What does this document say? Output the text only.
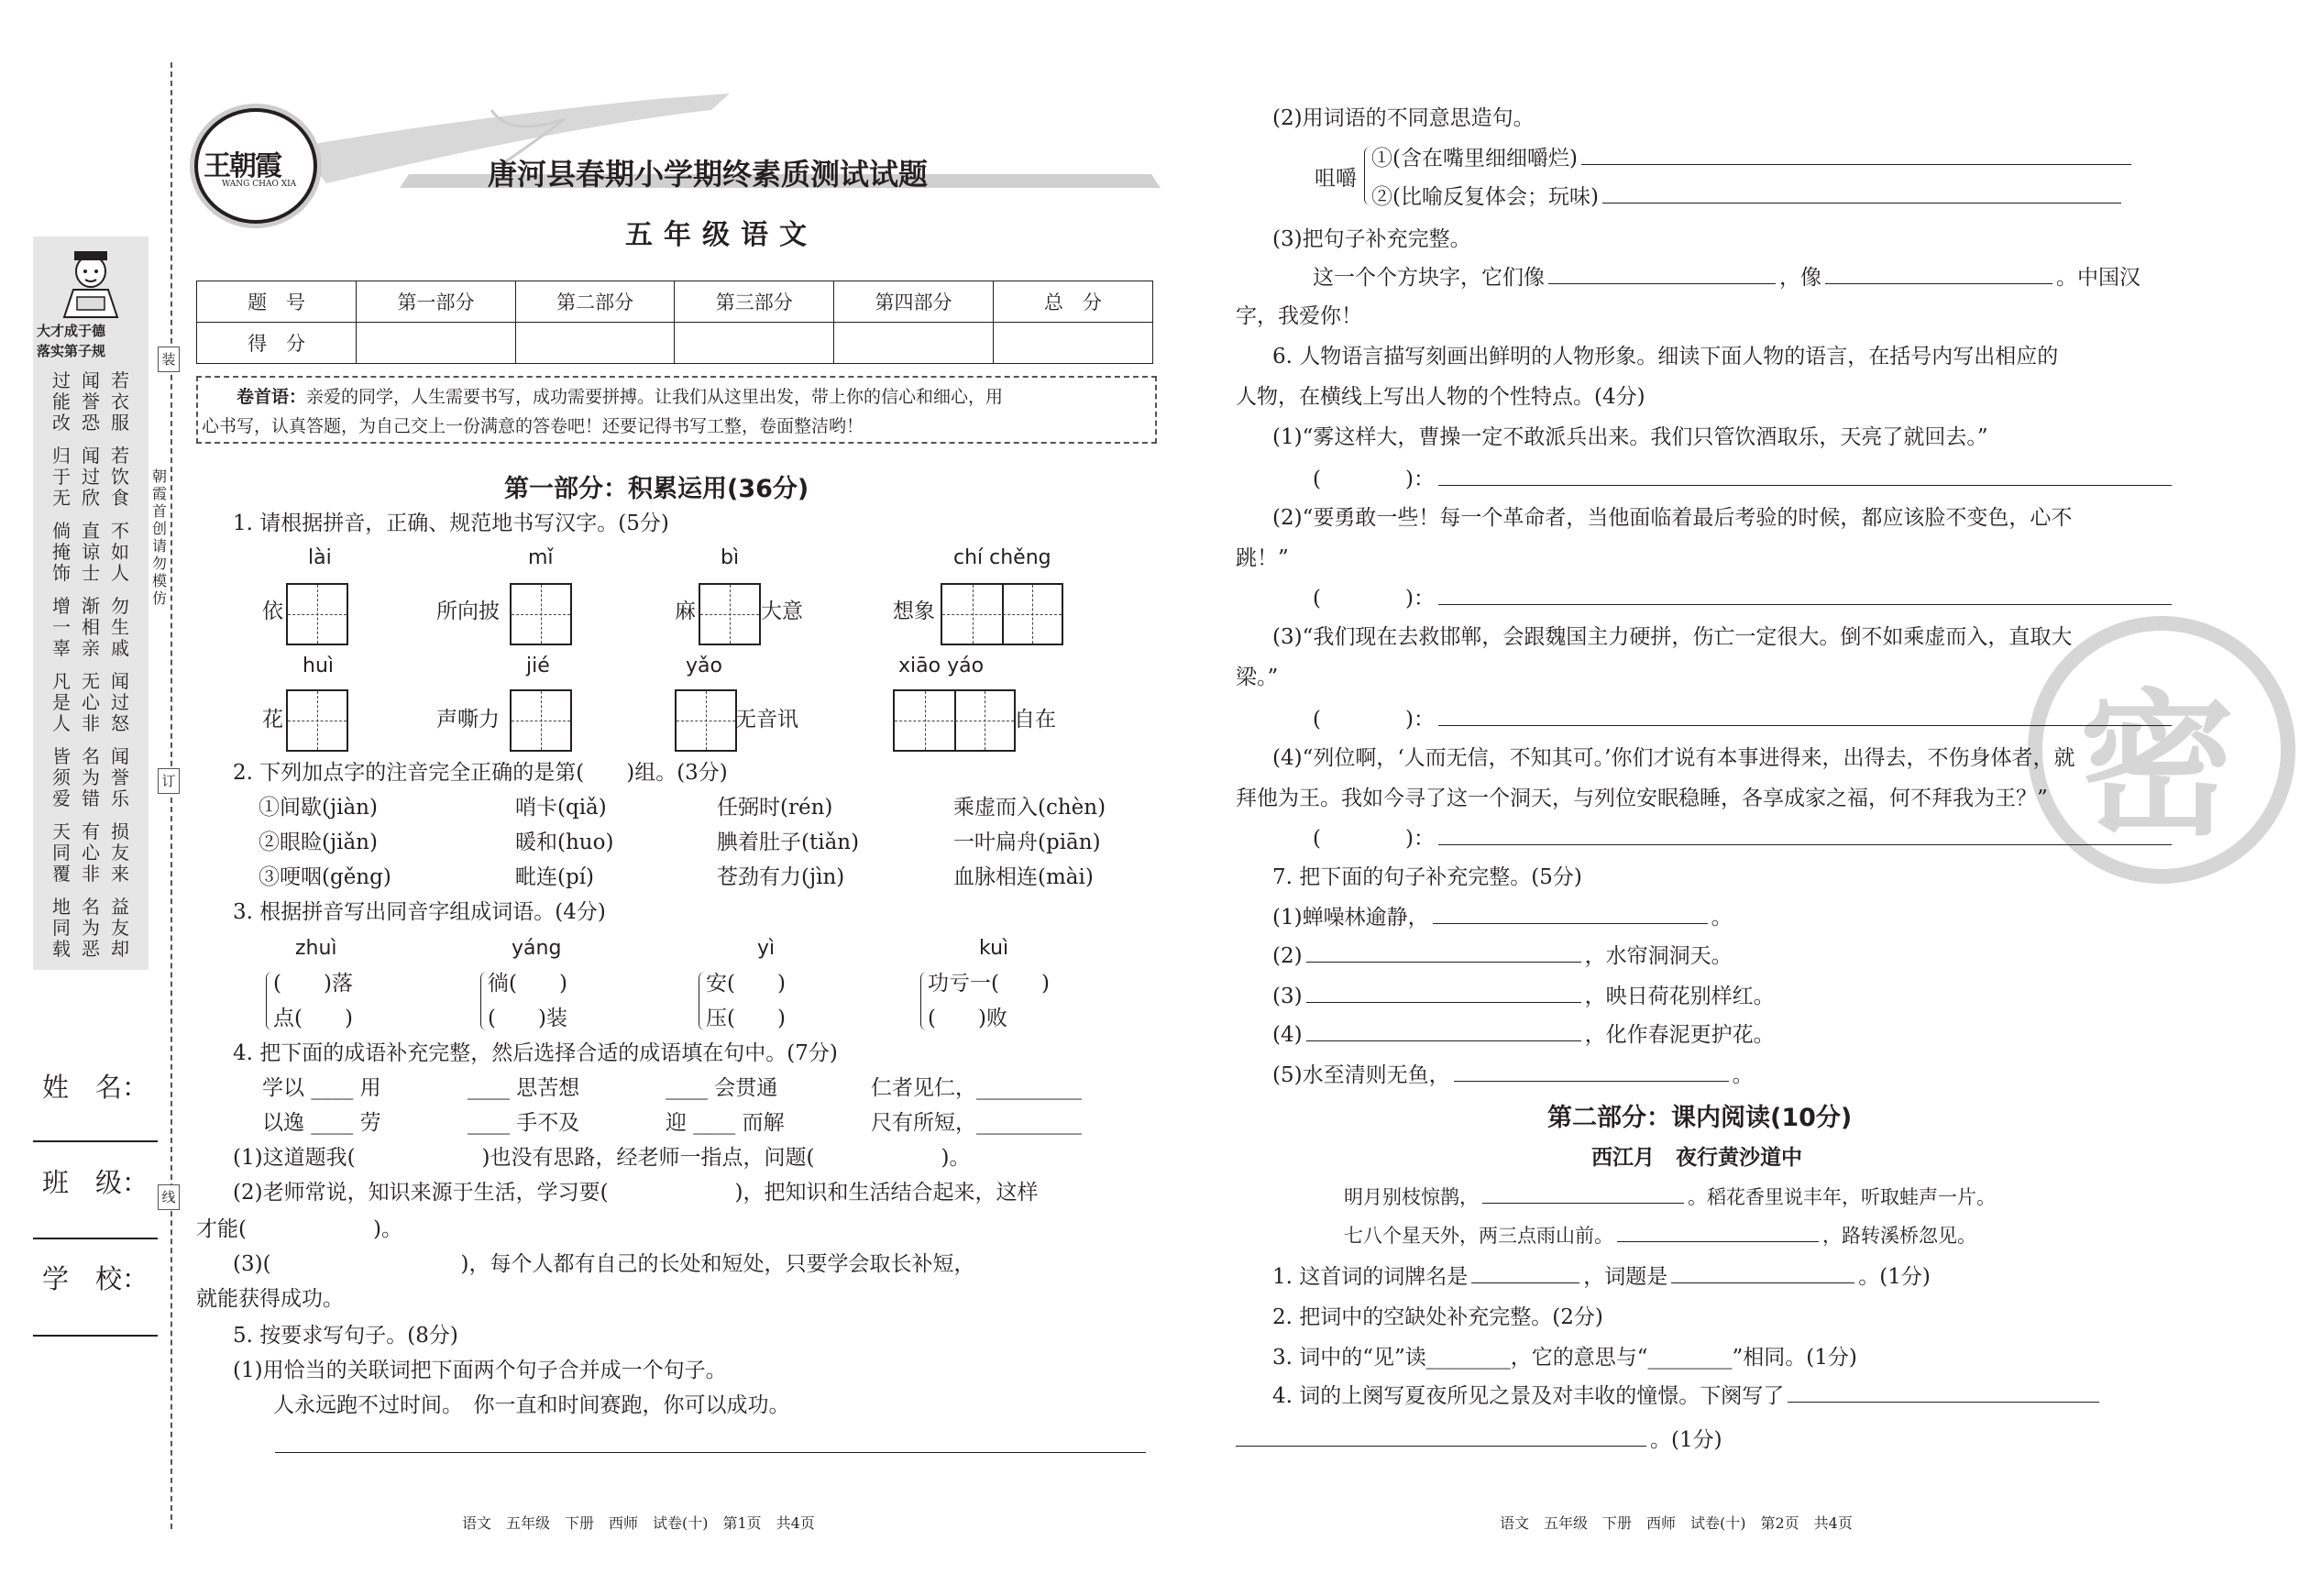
装
订
线
朝霞首创　请勿模仿
大才成于德
落实第子规
过能改
闻誉恐
若衣服
归于无
闻过欣
若饮食
倘掩饰
直谅士
不如人
增一辜
渐相亲
勿生戚
凡是人
无心非
闻过怒
皆须爱
名为错
闻誉乐
天同覆
有心非
损友来
地同载
名为恶
益友却
姓　名：
班　级：
学　校：
王朝霞
WANG CHAO XIA	唐河县春期小学期终素质测试试题
五年级语文
题　号	第一部分	第二部分	第三部分	第四部分	总　分
得　分					
卷首语：亲爱的同学，人生需要书写，成功需要拼搏。让我们从这里出发，带上你的信心和细心，用
心书写，认真答题，为自己交上一份满意的答卷吧！还要记得书写工整，卷面整洁哟！
第一部分：积累运用(36分)
1. 请根据拼音，正确、规范地书写汉字。(5分)
lài	mǐ	bì	chí chěng
依	所向披	麻	大意	想象
huì	jié	yǎo	xiāo yáo
花	声嘶力	无音讯	自在
2. 下列加点字的注音完全正确的是第(　　)组。(3分)
①间歇(jiàn)	哨卡(qiǎ)	任弼时(rén)	乘虚而入(chèn)
②眼睑(jiǎn)	暖和(huo)	腆着肚子(tiǎn)	一叶扁舟(piān)
③哽咽(gěng)	毗连(pí)	苍劲有力(jìn)	血脉相连(mài)
3. 根据拼音写出同音字组成词语。(4分)
zhuì	yáng	yì	kuì
(　　)落	徜(　　)	安(　　)	功亏一(　　)
点(　　)	(　　)装	压(　　)	(　　)败
4. 把下面的成语补充完整，然后选择合适的成语填在句中。(7分)
学以 ____ 用	____ 思苦想	____ 会贯通	仁者见仁，__________
以逸 ____ 劳	____ 手不及	迎 ____ 而解	尺有所短，__________
(1)这道题我(　　　　　　)也没有思路，经老师一指点，问题(　　　　　　)。
(2)老师常说，知识来源于生活，学习要(　　　　　　)，把知识和生活结合起来，这样
才能(　　　　　　)。
(3)(　　　　　　　　　)，每个人都有自己的长处和短处，只要学会取长补短，
就能获得成功。
5. 按要求写句子。(8分)
(1)用恰当的关联词把下面两个句子合并成一个句子。
人永远跑不过时间。　你一直和时间赛跑，你可以成功。
语文　五年级　下册　西师　试卷(十)　第1页　共4页
密
(2)用词语的不同意思造句。
咀嚼
①(含在嘴里细细嚼烂)
②(比喻反复体会；玩味)
(3)把句子补充完整。
这一个个方块字，它们像	，像	。中国汉
字，我爱你！
6. 人物语言描写刻画出鲜明的人物形象。细读下面人物的语言，在括号内写出相应的
人物，在横线上写出人物的个性特点。(4分)
(1)“雾这样大，曹操一定不敢派兵出来。我们只管饮酒取乐，天亮了就回去。”
(　　　　)：
(2)“要勇敢一些！每一个革命者，当他面临着最后考验的时候，都应该脸不变色，心不
跳！”
(　　　　)：
(3)“我们现在去救邯郸，会跟魏国主力硬拼，伤亡一定很大。倒不如乘虚而入，直取大
梁。”
(　　　　)：
(4)“列位啊，‘人而无信，不知其可。’你们才说有本事进得来，出得去，不伤身体者，就
拜他为王。我如今寻了这一个洞天，与列位安眠稳睡，各享成家之福，何不拜我为王？”
(　　　　)：
7. 把下面的句子补充完整。(5分)
(1)蝉噪林逾静，	。
(2)	，水帘洞洞天。
(3)	，映日荷花别样红。
(4)	，化作春泥更护花。
(5)水至清则无鱼，	。
第二部分：课内阅读(10分)
西江月　夜行黄沙道中
明月别枝惊鹊，	。稻花香里说丰年，听取蛙声一片。
七八个星天外，两三点雨山前。	，路转溪桥忽见。
1. 这首词的词牌名是	，词题是	。(1分)
2. 把词中的空缺处补充完整。(2分)
3. 词中的“见”读________，它的意思与“________”相同。(1分)
4. 词的上阕写夏夜所见之景及对丰收的憧憬。下阕写了
。(1分)
语文　五年级　下册　西师　试卷(十)　第2页　共4页
